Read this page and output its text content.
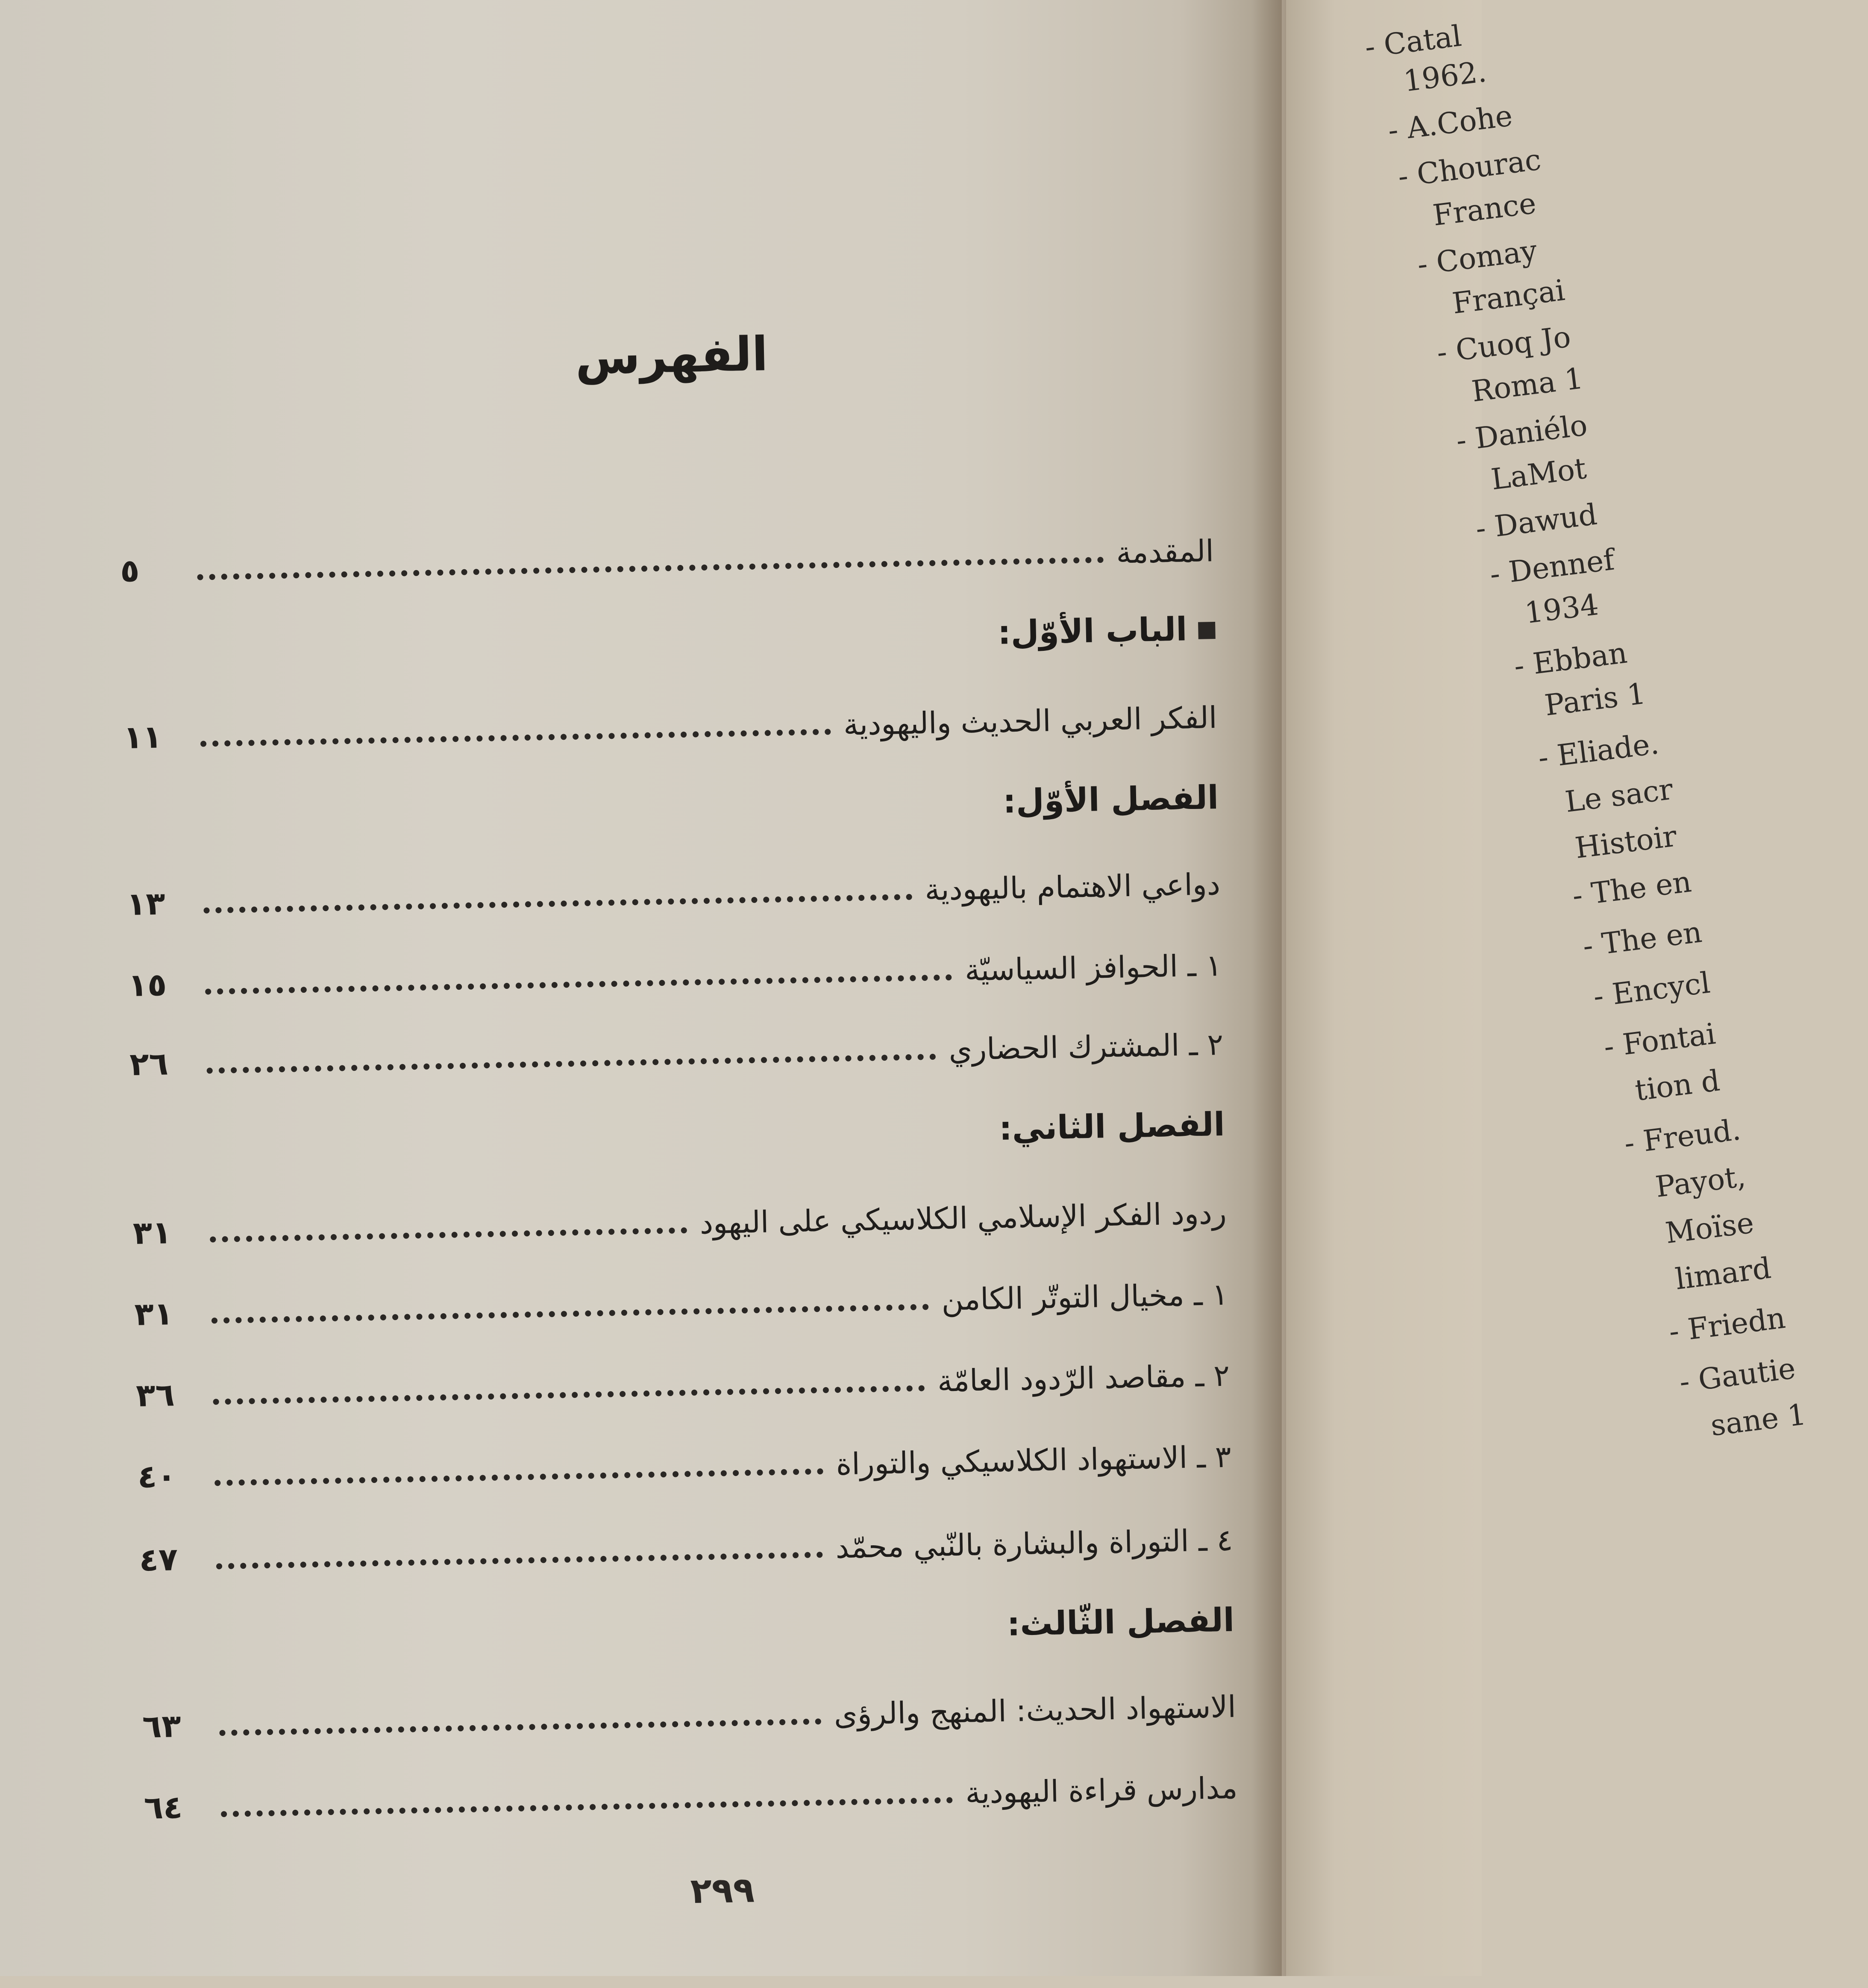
الفهرس
المقدمة
٥
الباب الأوّل:
الفكر العربي الحديث واليهودية
١١
الفصل الأوّل:
دواعي الاهتمام باليهودية
١٣
١ ـ الحوافز السياسيّة
١٥
٢ ـ المشترك الحضاري
٢٦
الفصل الثاني:
ردود الفكر الإسلامي الكلاسيكي على اليهود
٣١
١ ـ مخيال التوتّر الكامن
٣١
٢ ـ مقاصد الرّدود العامّة
٣٦
٣ ـ الاستهواد الكلاسيكي والتوراة
٤٠
٤ ـ التوراة والبشارة بالنّبي محمّد
٤٧
الفصل الثّالث:
الاستهواد الحديث: المنهج والرؤى
٦٣
مدارس قراءة اليهودية
٦٤
٢٩٩
- Catal
1962.
- A.Cohe
- Chourac
France
- Comay
Françai
- Cuoq Jo
Roma 1
- Daniélo
LaMot
- Dawud
- Dennef
1934
- Ebban
Paris 1
- Eliade.
Le sacr
Histoir
- The en
- The en
- Encycl
- Fontai
tion d
- Freud.
Payot,
Moïse
limard
- Friedn
- Gautie
sane 1
